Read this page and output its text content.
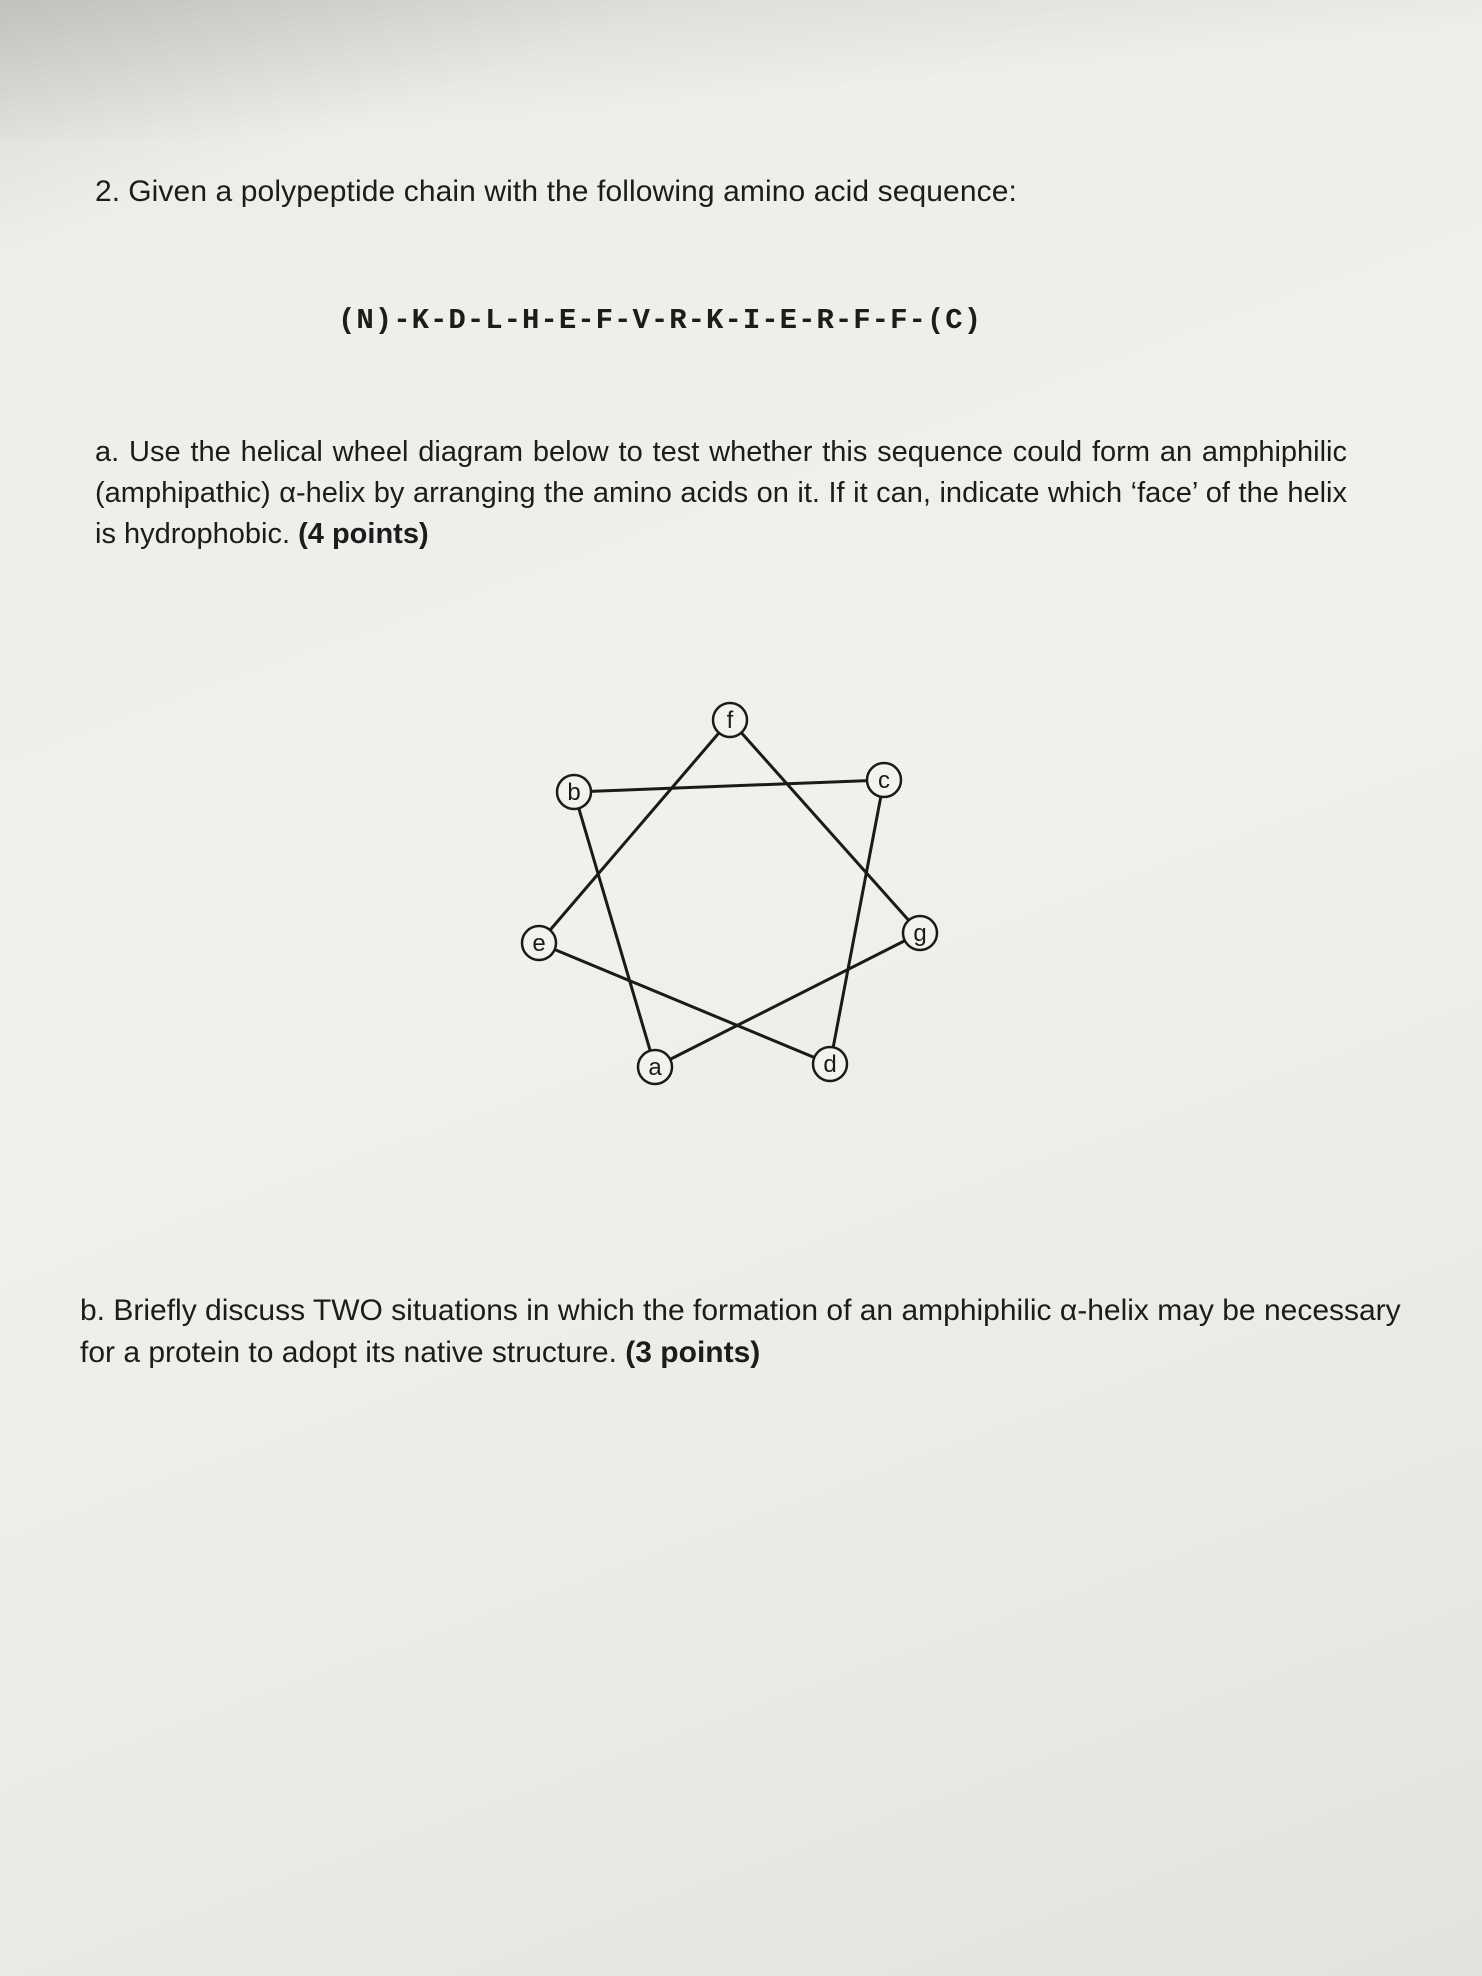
2. Given a polypeptide chain with the following amino acid sequence:
(N)-K-D-L-H-E-F-V-R-K-I-E-R-F-F-(C)
a. Use the helical wheel diagram below to test whether this sequence could form an amphiphilic (amphipathic) α-helix by arranging the amino acids on it. If it can, indicate which ‘face’ of the helix is hydrophobic. (4 points)
a
b	c
d
e
f
g
b. Briefly discuss TWO situations in which the formation of an amphiphilic α-helix may be necessary for a protein to adopt its native structure. (3 points)
